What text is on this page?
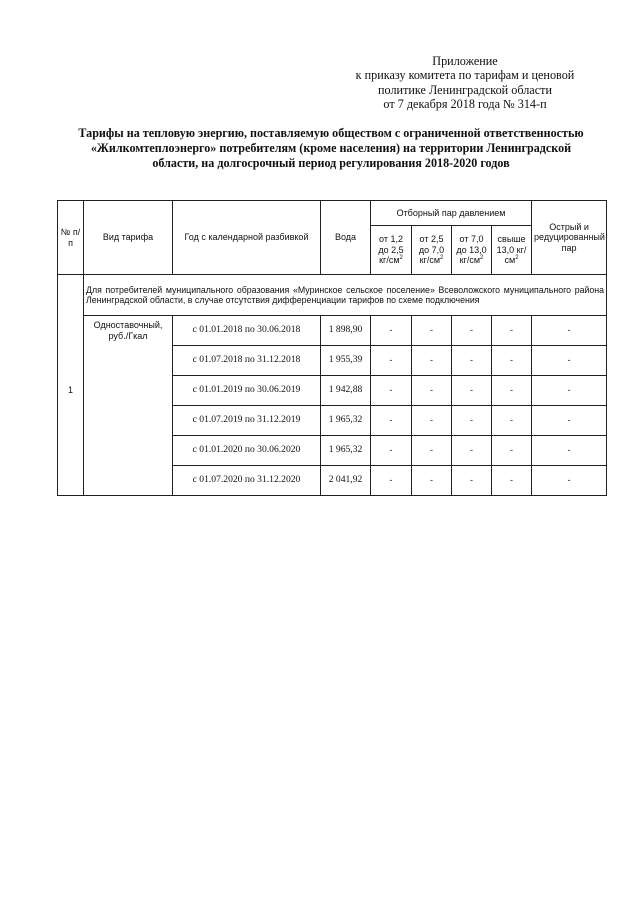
Приложение
к приказу комитета по тарифам и ценовой
политике Ленинградской области
от 7 декабря 2018 года № 314-п
Тарифы на тепловую энергию, поставляемую обществом с ограниченной ответственностью
«Жилкомтеплоэнерго» потребителям (кроме населения) на территории Ленинградской
области, на долгосрочный период регулирования 2018-2020 годов
№ п/п	Вид тарифа	Год с календарной разбивкой	Вода	Отборный пар давлением				Острый и редуцированный пар
				от 1,2 до 2,5 $кг/см^2$	от 2,5 до 7,0 $кг/см^2$	от 7,0 до 13,0 $кг/см^2$	свыше 13,0 $кг/см^2$
1	Для потребителей муниципального образования «Муринское сельское поселение» Всеволожского муниципального района Ленинградской области, в случае отсутствия дифференциации тарифов по схеме подключения							

	Одноставочный, руб./Гкал	с 01.01.2018 по 30.06.2018	1 898,90	-	-	-	-	-
		с 01.07.2018 по 31.12.2018	1 955,39	-	-	-	-	-
		с 01.01.2019 по 30.06.2019	1 942,88	-	-	-	-	-
		с 01.07.2019 по 31.12.2019	1 965,32	-	-	-	-	-
		с 01.01.2020 по 30.06.2020	1 965,32	-	-	-	-	-
		с 01.07.2020 по 31.12.2020	2 041,92	-	-	-	-	-
